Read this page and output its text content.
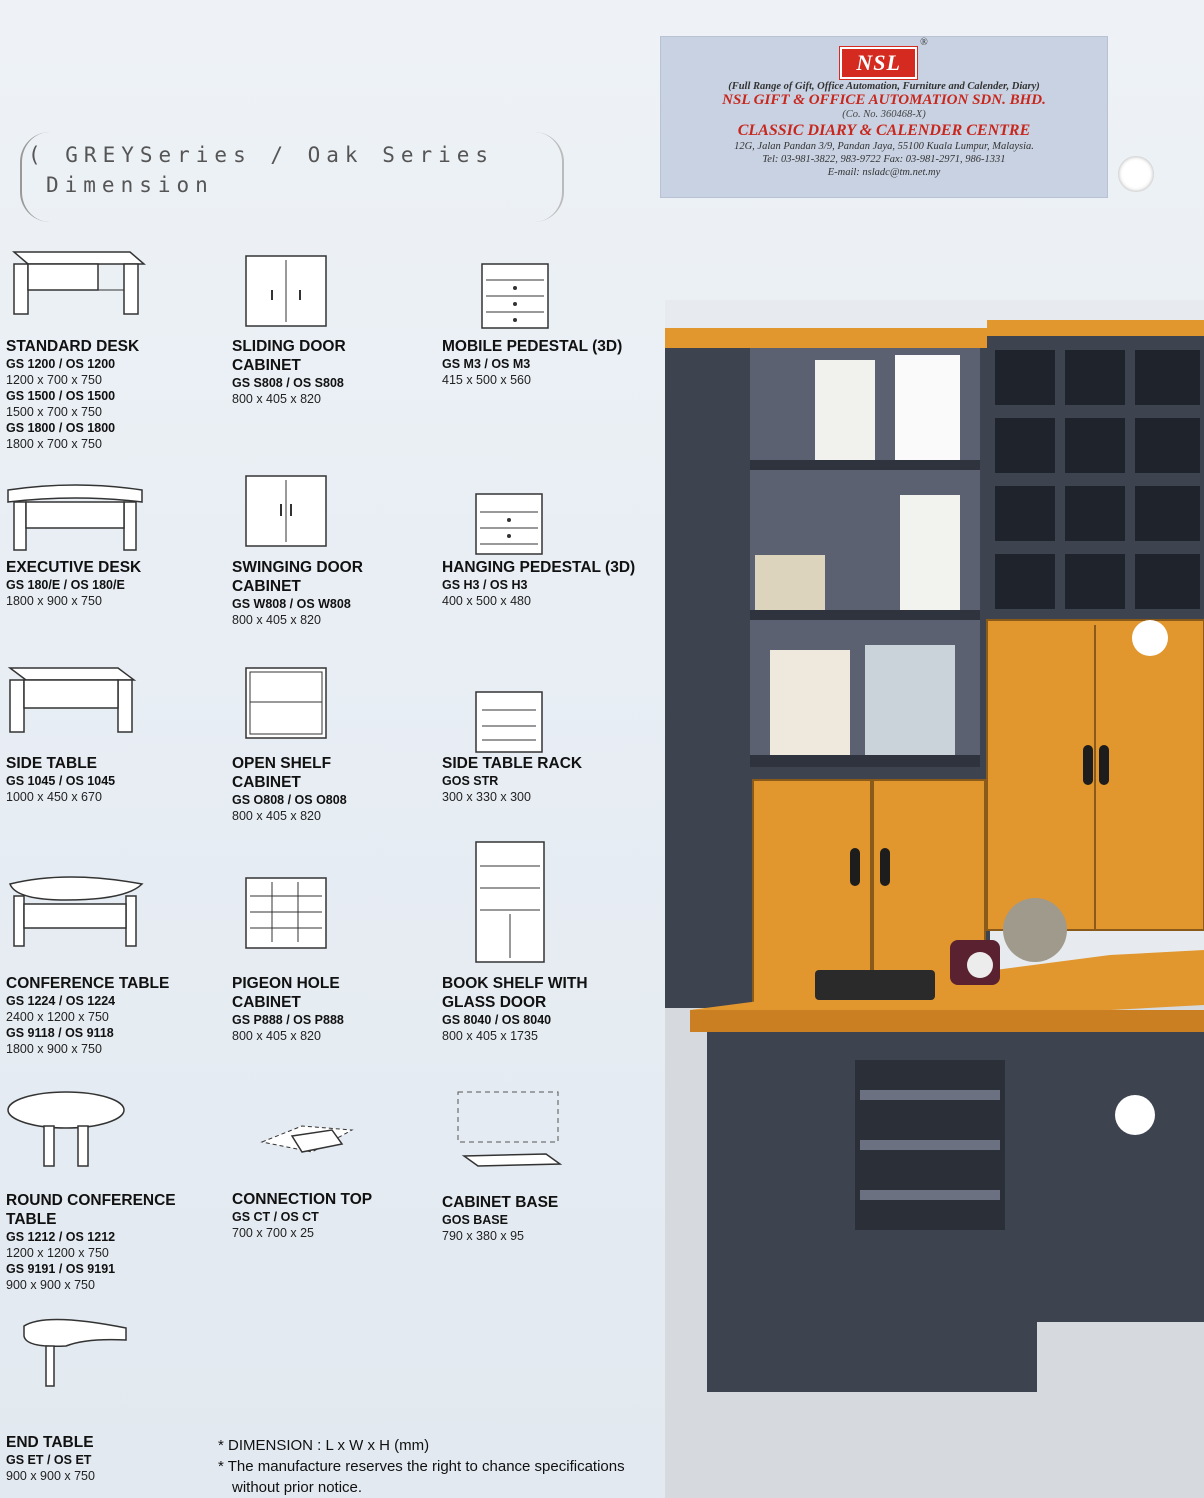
( GREYSeries / Oak Series
Dimension
NSL®
(Full Range of Gift, Office Automation, Furniture and Calender, Diary)
NSL GIFT & OFFICE AUTOMATION SDN. BHD.
(Co. No. 360468-X)
CLASSIC DIARY & CALENDER CENTRE
12G, Jalan Pandan 3/9, Pandan Jaya, 55100 Kuala Lumpur, Malaysia.
Tel: 03-981-3822, 983-9722 Fax: 03-981-2971, 986-1331
E-mail: nsladc@tm.net.my
STANDARD DESK
GS 1200 / OS 1200
1200 x 700 x 750
GS 1500 / OS 1500
1500 x 700 x 750
GS 1800 / OS 1800
1800 x 700 x 750
SLIDING DOOR
CABINET
GS S808 / OS S808
800 x 405 x 820
MOBILE PEDESTAL (3D)
GS M3 / OS M3
415 x 500 x 560
EXECUTIVE DESK
GS 180/E / OS 180/E
1800 x 900 x 750
SWINGING DOOR
CABINET
GS W808 / OS W808
800 x 405 x 820
HANGING PEDESTAL (3D)
GS H3 / OS H3
400 x 500 x 480
SIDE TABLE
GS 1045 / OS 1045
1000 x 450 x 670
OPEN SHELF
CABINET
GS O808 / OS O808
800 x 405 x 820
SIDE TABLE RACK
GOS STR
300 x 330 x 300
CONFERENCE TABLE
GS 1224 / OS 1224
2400 x 1200 x 750
GS 9118 / OS 9118
1800 x 900 x 750
PIGEON HOLE
CABINET
GS P888 / OS P888
800 x 405 x 820
BOOK SHELF WITH
GLASS DOOR
GS 8040 / OS 8040
800 x 405 x 1735
ROUND CONFERENCE
TABLE
GS 1212 / OS 1212
1200 x 1200 x 750
GS 9191 / OS 9191
900 x 900 x 750
CONNECTION TOP
GS CT / OS CT
700 x 700 x 25
CABINET BASE
GOS BASE
790 x 380 x 95
END TABLE
GS ET / OS ET
900 x 900 x 750
* DIMENSION : L x W x H (mm)
* The manufacture reserves the right to chance specifications without prior notice.
